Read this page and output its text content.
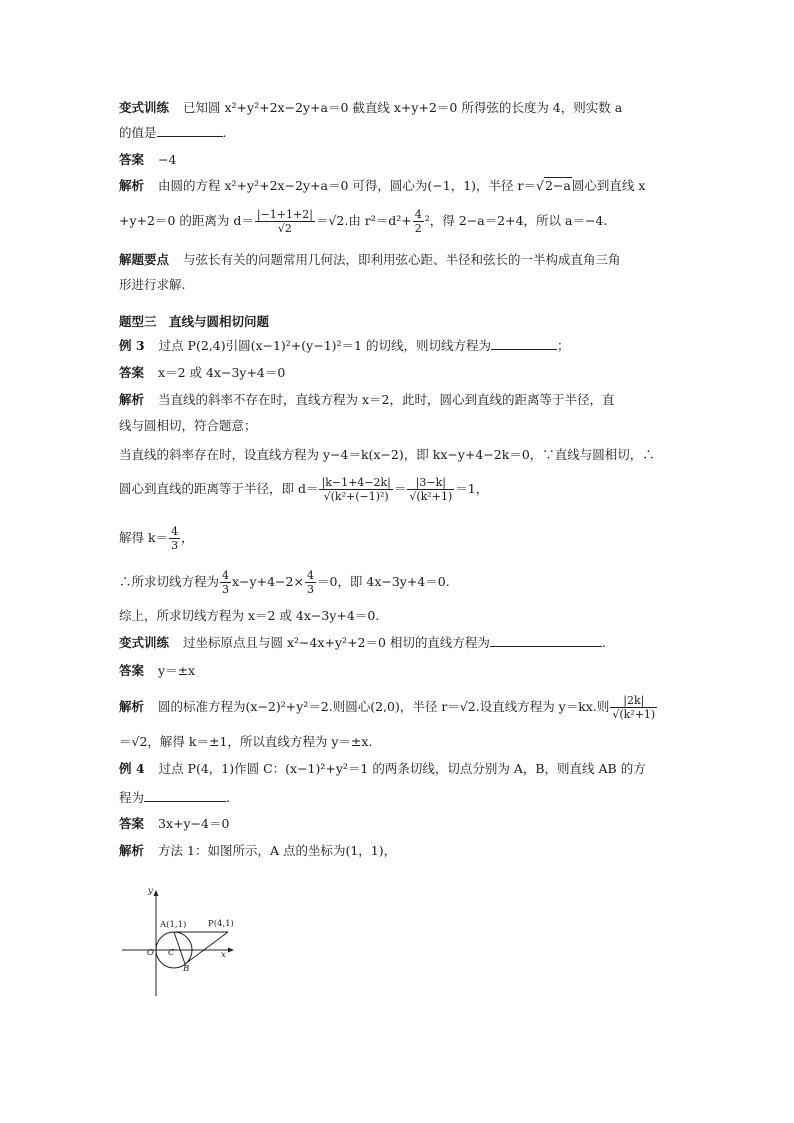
变式训练 已知圆 x²+y²+2x−2y+a＝0 截直线 x+y+2＝0 所得弦的长度为 4，则实数 a
的值是	.
答案 −4
解析 由圆的方程 x²+y²+2x−2y+a＝0 可得，圆心为(−1，1)，半径 r＝√2−a圆心到直线 x
+y+2＝0 的距离为 $d= \frac{|-1+1+2|}{√2} =√2$.由 $r^2=d^2+ \frac{4}{2} ^2$，得 2−a＝2+4，所以 a＝−4.
解题要点 与弦长有关的问题常用几何法，即利用弦心距、半径和弦长的一半构成直角三角
形进行求解.
题型三　直线与圆相切问题
例 3 过点 P(2,4)引圆(x−1)²+(y−1)²＝1 的切线，则切线方程为	；
答案 x＝2 或 4x−3y+4＝0
解析 当直线的斜率不存在时，直线方程为 x＝2，此时，圆心到直线的距离等于半径，直
线与圆相切，符合题意；
当直线的斜率存在时，设直线方程为 y−4＝k(x−2)，即 kx−y+4−2k＝0，∵直线与圆相切，∴
圆心到直线的距离等于半径，即 $d= \frac{|k-1+4-2k|}{\text{√(k²+(−1)²)}} = \frac{|3-k|}{\text{√(k²+1)}} =1$，
解得 $k= \frac{4}{3}$ ，
∴所求切线方程为 $\frac{4}{3} x-y+4-2\times \frac{4}{3} =0$，即 4x−3y+4＝0.
综上，所求切线方程为 x＝2 或 4x−3y+4＝0.
变式训练 过坐标原点且与圆 x²−4x+y²+2＝0 相切的直线方程为	.
答案 y＝±x
解析 圆的标准方程为(x−2)²+y²＝2.则圆心(2,0)，半径 r＝√2.设直线方程为 y＝kx.则 $\frac{|2k|}{\text{√(k²+1)}}$
＝√2，解得 k＝±1，所以直线方程为 y＝±x.
例 4 过点 P(4，1)作圆 C：(x−1)²+y²＝1 的两条切线，切点分别为 A，B，则直线 AB 的方
程为	.
答案 3x+y−4＝0
解析 方法 1：如图所示，A 点的坐标为(1，1)，
y
x
O C
A(1,1)	P(4,1)
B
